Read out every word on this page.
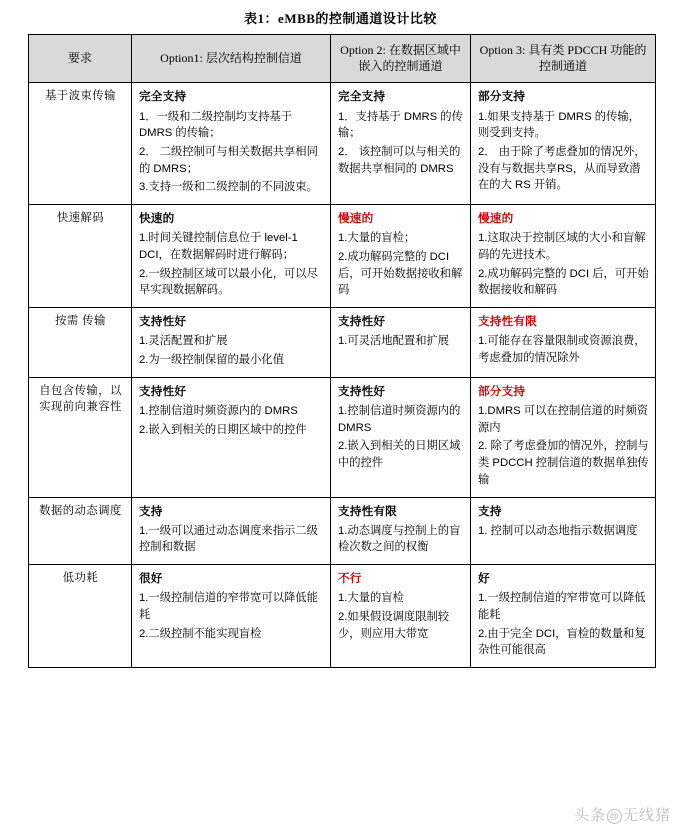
表1：eMBB的控制通道设计比较
要求	Option1: 层次结构控制信道	Option 2: 在数据区域中嵌入的控制通道	Option 3: 具有类 PDCCH 功能的控制通道
基于波束传输	完全支持
1．一级和二级控制均支持基于DMRS 的传输；
2． 二级控制可与相关数据共享相同的 DMRS；
3.支持一级和二级控制的不同波束。	完全支持
1．支持基于 DMRS 的传输；
2． 该控制可以与相关的数据共享相同的 DMRS	部分支持
1.如果支持基于 DMRS 的传输，则受到支持。
2． 由于除了考虑叠加的情况外，没有与数据共享RS，从而导致潜在的大 RS 开销。

快速解码	快速的
1.时间关键控制信息位于 level-1 DCI，在数据解码时进行解码；
2.一级控制区域可以最小化，可以尽早实现数据解码。	慢速的
1.大量的盲检；
2.成功解码完整的 DCI 后，可开始数据接收和解码	慢速的
1.这取决于控制区域的大小和盲解码的先进技术。
2.成功解码完整的 DCI 后，可开始数据接收和解码

按需 传输	支持性好
1.灵活配置和扩展
2.为一级控制保留的最小化值	支持性好
1.可灵活地配置和扩展	支持性有限
1.可能存在容量限制或资源浪费，考虑叠加的情况除外

自包含传输，以实现前向兼容性	支持性好
1.控制信道时频资源内的 DMRS
2.嵌入到相关的日期区域中的控件	支持性好
1.控制信道时频资源内的 DMRS
2.嵌入到相关的日期区域中的控件	部分支持
1.DMRS 可以在控制信道的时频资源内
2. 除了考虑叠加的情况外，控制与类 PDCCH 控制信道的数据单独传输

数据的动态调度	支持
1.一级可以通过动态调度来指示二级控制和数据	支持性有限
1.动态调度与控制上的盲检次数之间的权衡	支持
1. 控制可以动态地指示数据调度

低功耗	很好
1.一级控制信道的窄带宽可以降低能耗
2.二级控制不能实现盲检	不行
1.大量的盲检
2.如果假设调度限制较少，则应用大带宽	好
1.一级控制信道的窄带宽可以降低能耗
2.由于完全 DCI，盲检的数量和复杂性可能很高
头条 @ 无线猪
